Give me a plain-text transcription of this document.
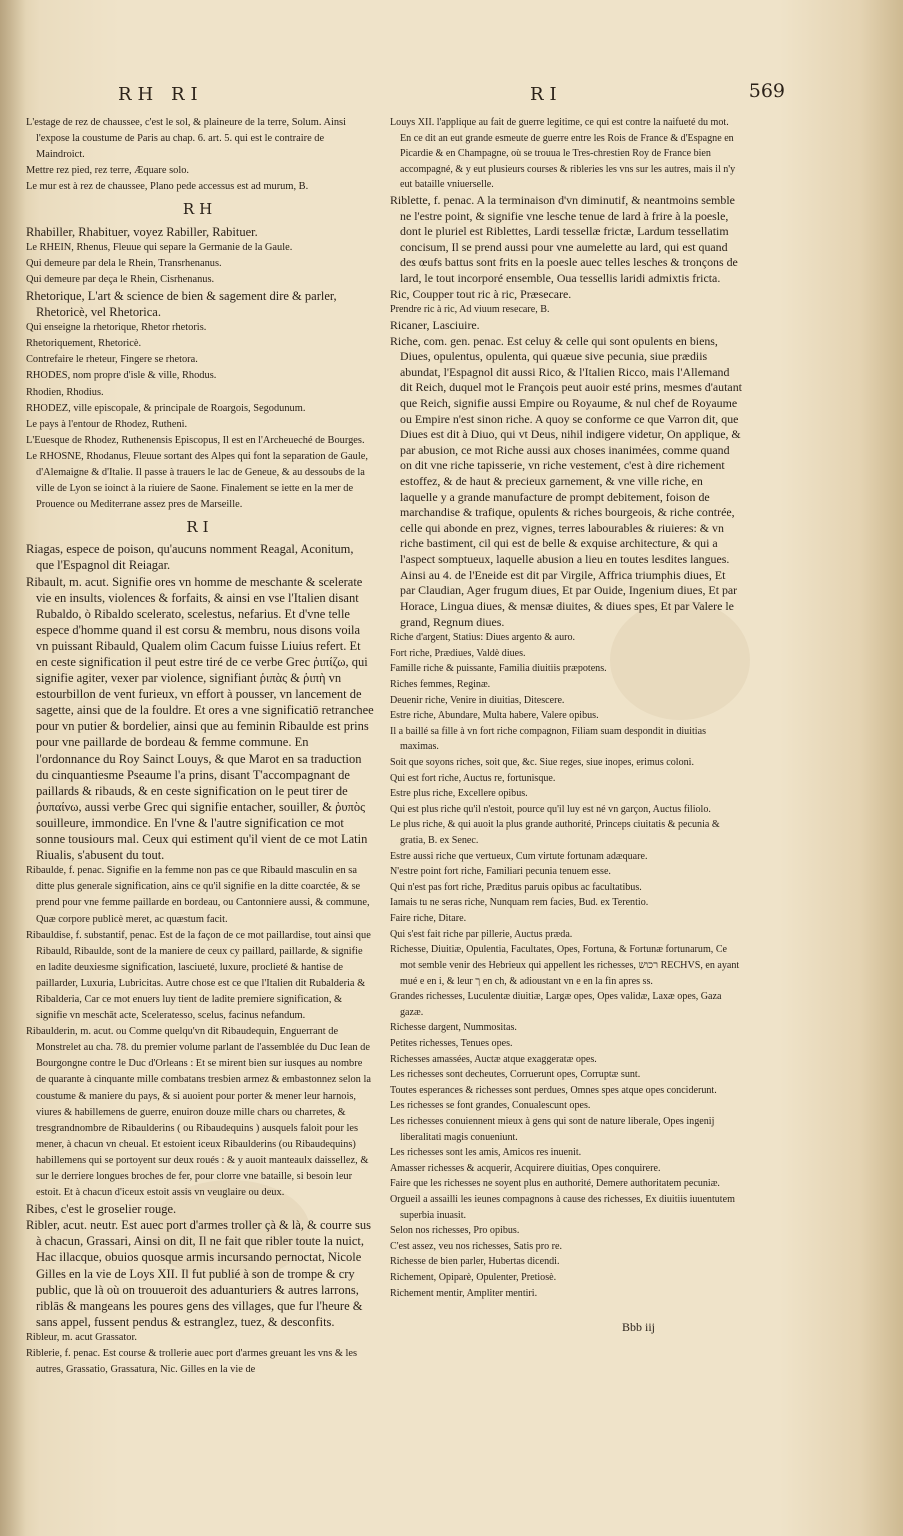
RH RI	RI	569

L'estage de rez de chaussee, c'est le sol, & plaineure de la terre, Solum. Ainsi l'expose la coustume de Paris au chap. 6. art. 5. qui est le contraire de Maindroict.

Mettre rez pied, rez terre, Æquare solo.

Le mur est à rez de chaussee, Plano pede accessus est ad murum, B.

RH

Rhabiller, Rhabituer, voyez Rabiller, Rabituer.

Le RHEIN, Rhenus, Fleuue qui separe la Germanie de la Gaule.

Qui demeure par dela le Rhein, Transrhenanus.

Qui demeure par deça le Rhein, Cisrhenanus.

Rhetorique, L'art & science de bien & sagement dire & parler, Rhetoricè, vel Rhetorica.

Qui enseigne la rhetorique, Rhetor rhetoris.

Rhetoriquement, Rhetoricè.

Contrefaire le rheteur, Fingere se rhetora.

RHODES, nom propre d'isle & ville, Rhodus.

Rhodien, Rhodius.

RHODEZ, ville episcopale, & principale de Roargois, Segodunum.

Le pays à l'entour de Rhodez, Rutheni.

L'Euesque de Rhodez, Ruthenensis Episcopus, Il est en l'Archeueché de Bourges.

Le RHOSNE, Rhodanus, Fleuue sortant des Alpes qui font la separation de Gaule, d'Alemaigne & d'Italie. Il passe à trauers le lac de Geneue, & au dessoubs de la ville de Lyon se ioinct à la riuiere de Saone. Finalement se iette en la mer de Prouence ou Mediterrane assez pres de Marseille.

RI

Riagas, espece de poison, qu'aucuns nomment Reagal, Aconitum, que l'Espagnol dit Reiagar.

Ribault, m. acut. Signifie ores vn homme de meschante & scelerate vie en insults, violences & forfaits, & ainsi en vse l'Italien disant Rubaldo, ò Ribaldo scelerato, scelestus, nefarius. Et d'vne telle espece d'homme quand il est corsu & membru, nous disons voila vn puissant Ribauld, Qualem olim Cacum fuisse Liuius refert. Et en ceste signification il peut estre tiré de ce verbe Grec ῥιπίζω, qui signifie agiter, vexer par violence, signifiant ῥιπὰς & ῥιπὴ vn estourbillon de vent furieux, vn effort à pousser, vn lancement de sagette, ainsi que de la fouldre. Et ores a vne significatiō retranchee pour vn putier & bordelier, ainsi que au feminin Ribaulde est prins pour vne paillarde de bordeau & femme commune. En l'ordonnance du Roy Sainct Louys, & que Marot en sa traduction du cinquantiesme Pseaume l'a prins, disant T'accompagnant de paillards & ribauds, & en ceste signification on le peut tirer de ῥυπαίνω, aussi verbe Grec qui signifie entacher, souiller, & ῥυπὸς souilleure, immondice. En l'vne & l'autre signification ce mot sonne tousiours mal. Ceux qui estiment qu'il vient de ce mot Latin Riualis, s'abusent du tout.

Ribaulde, f. penac. Signifie en la femme non pas ce que Ribauld masculin en sa ditte plus generale signification, ains ce qu'il signifie en la ditte coarctée, & se prend pour vne femme paillarde en bordeau, ou Cantonniere aussi, & commune, Quæ corpore publicè meret, ac quæstum facit.

Ribauldise, f. substantif, penac. Est de la façon de ce mot paillardise, tout ainsi que Ribauld, Ribaulde, sont de la maniere de ceux cy paillard, paillarde, & signifie en ladite deuxiesme signification, lasciueté, luxure, proclieté & hantise de paillarder, Luxuria, Lubricitas. Autre chose est ce que l'Italien dit Rubalderia & Ribalderia, Car ce mot enuers luy tient de ladite premiere signification, & signifie vn meschāt acte, Sceleratesso, scelus, facinus nefandum.

Ribaulderin, m. acut. ou Comme quelqu'vn dit Ribaudequin, Enguerrant de Monstrelet au cha. 78. du premier volume parlant de l'assemblée du Duc Iean de Bourgongne contre le Duc d'Orleans : Et se mirent bien sur iusques au nombre de quarante à cinquante mille combatans tresbien armez & embastonnez selon la coustume & maniere du pays, & si auoient pour porter & mener leur harnois, viures & habillemens de guerre, enuiron douze mille chars ou charretes, & tresgrandnombre de Ribaulderins ( ou Ribaudequins ) ausquels faloit pour les mener, à chacun vn cheual. Et estoient iceux Ribaulderins (ou Ribaudequins) habillemens qui se portoyent sur deux roués : & y auoit manteaulx daissellez, & sur le derriere longues broches de fer, pour clorre vne bataille, si besoin leur estoit. Et à chacun d'iceux estoit assis vn veuglaire ou deux.

Ribes, c'est le groselier rouge.

Ribler, acut. neutr. Est auec port d'armes troller çà & là, & courre sus à chacun, Grassari, Ainsi on dit, Il ne fait que ribler toute la nuict, Hac illacque, obuios quosque armis incursando pernoctat, Nicole Gilles en la vie de Loys XII. Il fut publié à son de trompe & cry public, que là où on trouueroit des aduanturiers & autres larrons, riblās & mangeans les poures gens des villages, que fur l'heure & sans appel, fussent pendus & estranglez, tuez, & desconfits.

Ribleur, m. acut Grassator.

Riblerie, f. penac. Est course & trollerie auec port d'armes greuant les vns & les autres, Grassatio, Grassatura, Nic. Gilles en la vie de

Louys XII. l'applique au fait de guerre legitime, ce qui est contre la naifueté du mot. En ce dit an eut grande esmeute de guerre entre les Rois de France & d'Espagne en Picardie & en Champagne, où se trouua le Tres-chrestien Roy de France bien accompagné, & y eut plusieurs courses & ribleries les vns sur les autres, mais il n'y eut bataille vniuerselle.

Riblette, f. penac. A la terminaison d'vn diminutif, & neantmoins semble ne l'estre point, & signifie vne lesche tenue de lard à frire à la poesle, dont le pluriel est Riblettes, Lardi tessellæ frictæ, Lardum tessellatim concisum, Il se prend aussi pour vne aumelette au lard, qui est quand des œufs battus sont frits en la poesle auec telles lesches & tronçons de lard, le tout incorporé ensemble, Oua tessellis laridi admixtis fricta.

Ric, Coupper tout ric à ric, Præsecare.

Prendre ric à ric, Ad viuum resecare, B.

Ricaner, Lasciuire.

Riche, com. gen. penac. Est celuy & celle qui sont opulents en biens, Diues, opulentus, opulenta, qui quæue sive pecunia, siue prædiis abundat, l'Espagnol dit aussi Rico, & l'Italien Ricco, mais l'Allemand dit Reich, duquel mot le François peut auoir esté prins, mesmes d'autant que Reich, signifie aussi Empire ou Royaume, & nul chef de Royaume ou Empire n'est sinon riche. A quoy se conforme ce que Varron dit, que Diues est dit à Diuo, qui vt Deus, nihil indigere videtur, On applique, & par abusion, ce mot Riche aussi aux choses inanimées, comme quand on dit vne riche tapisserie, vn riche vestement, c'est à dire richement estoffez, & de haut & precieux garnement, & vne ville riche, en laquelle y a grande manufacture de prompt debitement, foison de marchandise & trafique, opulents & riches bourgeois, & riche contrée, celle qui abonde en prez, vignes, terres labourables & riuieres: & vn riche bastiment, cil qui est de belle & exquise architecture, & qui a l'aspect somptueux, laquelle abusion a lieu en toutes lesdites langues. Ainsi au 4. de l'Eneide est dit par Virgile, Affrica triumphis diues, Et par Claudian, Ager frugum diues, Et par Ouide, Ingenium diues, Et par Horace, Lingua diues, & mensæ diuites, & diues spes, Et par Valere le grand, Regnum diues.

Riche d'argent, Statius: Diues argento & auro.

Fort riche, Prædiues, Valdè diues.

Famille riche & puissante, Familia diuitiis præpotens.

Riches femmes, Reginæ.

Deuenir riche, Venire in diuitias, Ditescere.

Estre riche, Abundare, Multa habere, Valere opibus.

Il a baillé sa fille à vn fort riche compagnon, Filiam suam despondit in diuitias maximas.

Soit que soyons riches, soit que, &c. Siue reges, siue inopes, erimus coloni.

Qui est fort riche, Auctus re, fortunisque.

Estre plus riche, Excellere opibus.

Qui est plus riche qu'il n'estoit, pource qu'il luy est né vn garçon, Auctus filiolo.

Le plus riche, & qui auoit la plus grande authorité, Princeps ciuitatis & pecunia & gratia, B. ex Senec.

Estre aussi riche que vertueux, Cum virtute fortunam adæquare.

N'estre point fort riche, Familiari pecunia tenuem esse.

Qui n'est pas fort riche, Præditus paruis opibus ac facultatibus.

Iamais tu ne seras riche, Nunquam rem facies, Bud. ex Terentio.

Faire riche, Ditare.

Qui s'est fait riche par pillerie, Auctus præda.

Richesse, Diuitiæ, Opulentia, Facultates, Opes, Fortuna, & Fortunæ fortunarum, Ce mot semble venir des Hebrieux qui appellent les richesses, רכוש RECHVS, en ayant mué e en i, & leur ך en ch, & adioustant vn e en la fin apres ss.

Grandes richesses, Luculentæ diuitiæ, Largæ opes, Opes validæ, Laxæ opes, Gaza gazæ.

Richesse dargent, Nummositas.

Petites richesses, Tenues opes.

Richesses amassées, Auctæ atque exaggeratæ opes.

Les richesses sont decheutes, Corruerunt opes, Corruptæ sunt.

Toutes esperances & richesses sont perdues, Omnes spes atque opes conciderunt.

Les richesses se font grandes, Conualescunt opes.

Les richesses conuiennent mieux à gens qui sont de nature liberale, Opes ingenij liberalitati magis conueniunt.

Les richesses sont les amis, Amicos res inuenit.

Amasser richesses & acquerir, Acquirere diuitias, Opes conquirere.

Faire que les richesses ne soyent plus en authorité, Demere authoritatem pecuniæ.

Orgueil a assailli les ieunes compagnons à cause des richesses, Ex diuitiis iuuentutem superbia inuasit.

Selon nos richesses, Pro opibus.

C'est assez, veu nos richesses, Satis pro re.

Richesse de bien parler, Hubertas dicendi.

Richement, Opiparè, Opulenter, Pretiosè.

Richement mentir, Ampliter mentiri.

Bbb iij
